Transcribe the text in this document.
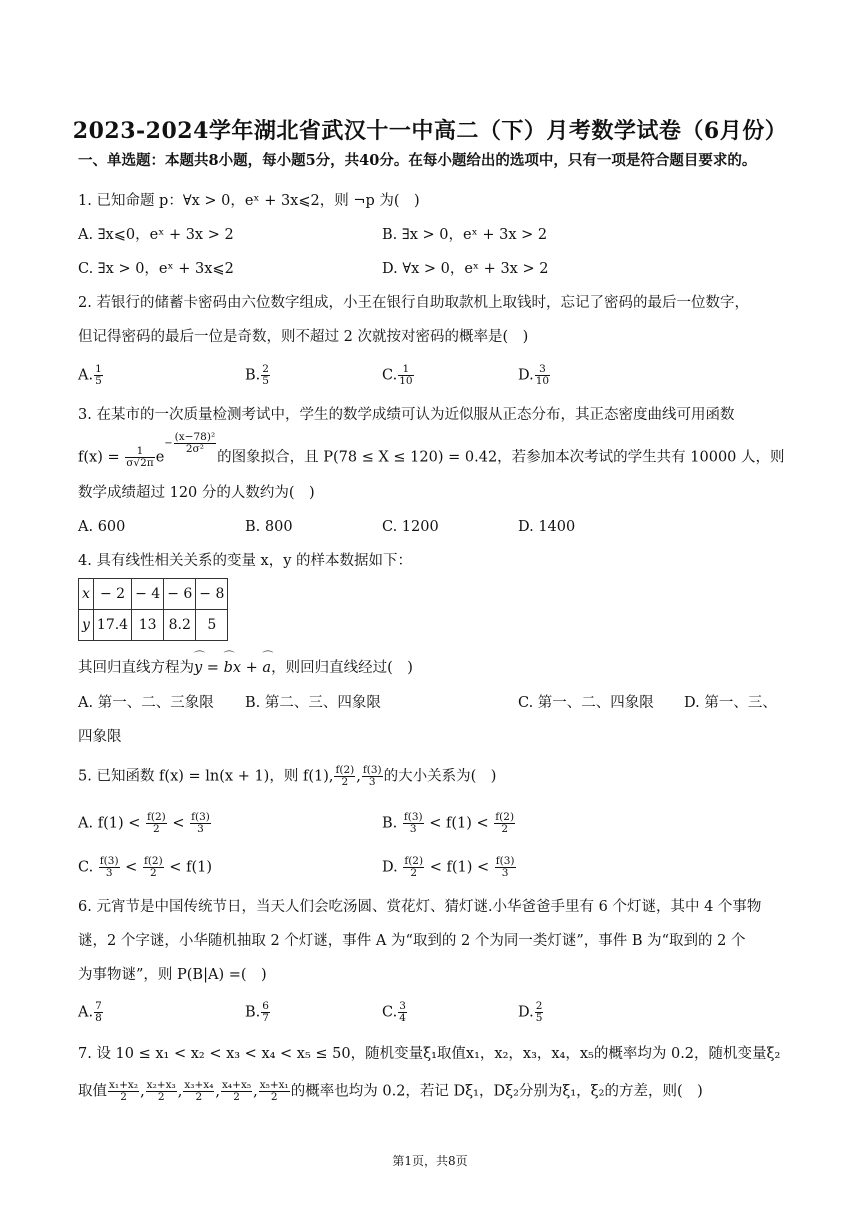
2023-2024学年湖北省武汉十一中高二（下）月考数学试卷（6月份）
一、单选题：本题共8小题，每小题5分，共40分。在每小题给出的选项中，只有一项是符合题目要求的。
1. 已知命题 p：∀x > 0，eˣ + 3x⩽2，则 ¬p 为(　)
A. ∃x⩽0，eˣ + 3x > 2	B. ∃x > 0，eˣ + 3x > 2
C. ∃x > 0，eˣ + 3x⩽2	D. ∀x > 0，eˣ + 3x > 2
2. 若银行的储蓄卡密码由六位数字组成，小王在银行自助取款机上取钱时，忘记了密码的最后一位数字，
但记得密码的最后一位是奇数，则不超过 2 次就按对密码的概率是(　)
A. $\frac{1}{5}$	B. $\frac{2}{5}$	C. $\frac{1}{10}$	D. $\frac{3}{10}$
3. 在某市的一次质量检测考试中，学生的数学成绩可认为近似服从正态分布，其正态密度曲线可用函数
$f(x) = \frac{1}{\sigma√2\pi} e- \frac{\text{(x−78)²}}{\text{2σ²}}$
的图象拟合，且 P(78 ≤ X ≤ 120) = 0.42，若参加本次考试的学生共有 10000 人，则
数学成绩超过 120 分的人数约为(　)
A. 600	B. 800	C. 1200	D. 1400
4. 具有线性相关关系的变量 x，y 的样本数据如下：
x	− 2	− 4	− 6	− 8
y	17.4	13	8.2	5
其回归直线方程为⌒ y = ⌒ bx + ⌒ a，则回归直线经过(　)
A. 第一、二、三象限 B. 第二、三、四象限	C. 第一、二、四象限 D. 第一、三、
四象限
5. 已知函数 f(x) = ln(x + 1)，则 f(1), $\frac{f(2)}{2}$ , $\frac{f(3)}{3}$ 的大小关系为(　)
A. $f(1) < \frac{f(2)}{2} < \frac{f(3)}{3}$	B. $\frac{f(3)}{3} < f(1) < \frac{f(2)}{2}$
C. $\frac{f(3)}{3} < \frac{f(2)}{2} < f(1)$	D. $\frac{f(2)}{2} < f(1) < \frac{f(3)}{3}$
6. 元宵节是中国传统节日，当天人们会吃汤圆、赏花灯、猜灯谜.小华爸爸手里有 6 个灯谜，其中 4 个事物
谜，2 个字谜，小华随机抽取 2 个灯谜，事件 A 为“取到的 2 个为同一类灯谜”，事件 B 为“取到的 2 个
为事物谜”，则 P(B|A) =(　)
A. $\frac{7}{8}$	B. $\frac{6}{7}$	C. $\frac{3}{4}$	D. $\frac{2}{5}$
7. 设 10 ≤ x₁ < x₂ < x₃ < x₄ < x₅ ≤ 50，随机变量ξ₁取值x₁，x₂，x₃，x₄，x₅的概率均为 0.2，随机变量ξ₂
取值 $\frac{\text{x₁+x₂}}{2}$ , $\frac{\text{x₂+x₃}}{2}$ , $\frac{\text{x₃+x₄}}{2}$ , $\frac{\text{x₄+x₅}}{2}$ , $\frac{\text{x₅+x₁}}{2}$ 的概率也均为 0.2，若记 Dξ₁，Dξ₂分别为ξ₁，ξ₂的方差，则(　)
第1页，共8页
